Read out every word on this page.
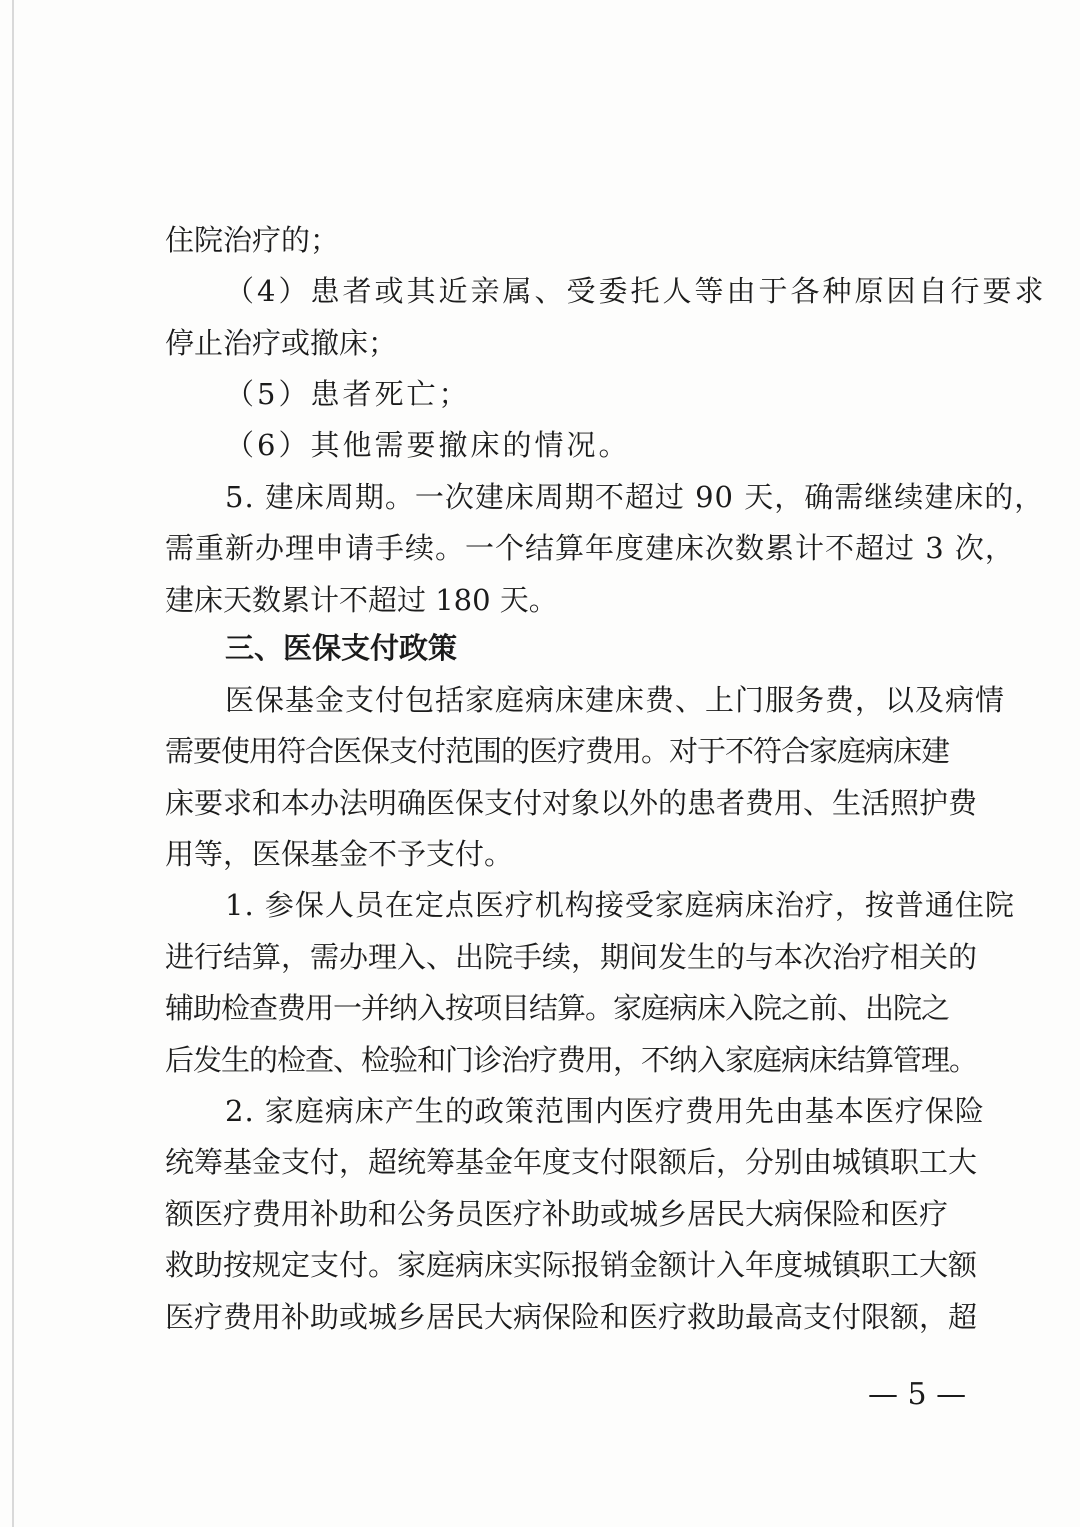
住院治疗的；

（4）患者或其近亲属、受委托人等由于各种原因自行要求

停止治疗或撤床；

（5）患者死亡；

（6）其他需要撤床的情况。

5. 建床周期。一次建床周期不超过 90 天，确需继续建床的，

需重新办理申请手续。一个结算年度建床次数累计不超过 3 次，

建床天数累计不超过 180 天。

三、医保支付政策

医保基金支付包括家庭病床建床费、上门服务费，以及病情

需要使用符合医保支付范围的医疗费用。对于不符合家庭病床建

床要求和本办法明确医保支付对象以外的患者费用、生活照护费

用等，医保基金不予支付。

1. 参保人员在定点医疗机构接受家庭病床治疗，按普通住院

进行结算，需办理入、出院手续，期间发生的与本次治疗相关的

辅助检查费用一并纳入按项目结算。家庭病床入院之前、出院之

后发生的检查、检验和门诊治疗费用，不纳入家庭病床结算管理。

2. 家庭病床产生的政策范围内医疗费用先由基本医疗保险

统筹基金支付，超统筹基金年度支付限额后，分别由城镇职工大

额医疗费用补助和公务员医疗补助或城乡居民大病保险和医疗

救助按规定支付。家庭病床实际报销金额计入年度城镇职工大额

医疗费用补助或城乡居民大病保险和医疗救助最高支付限额，超

— 5 —
